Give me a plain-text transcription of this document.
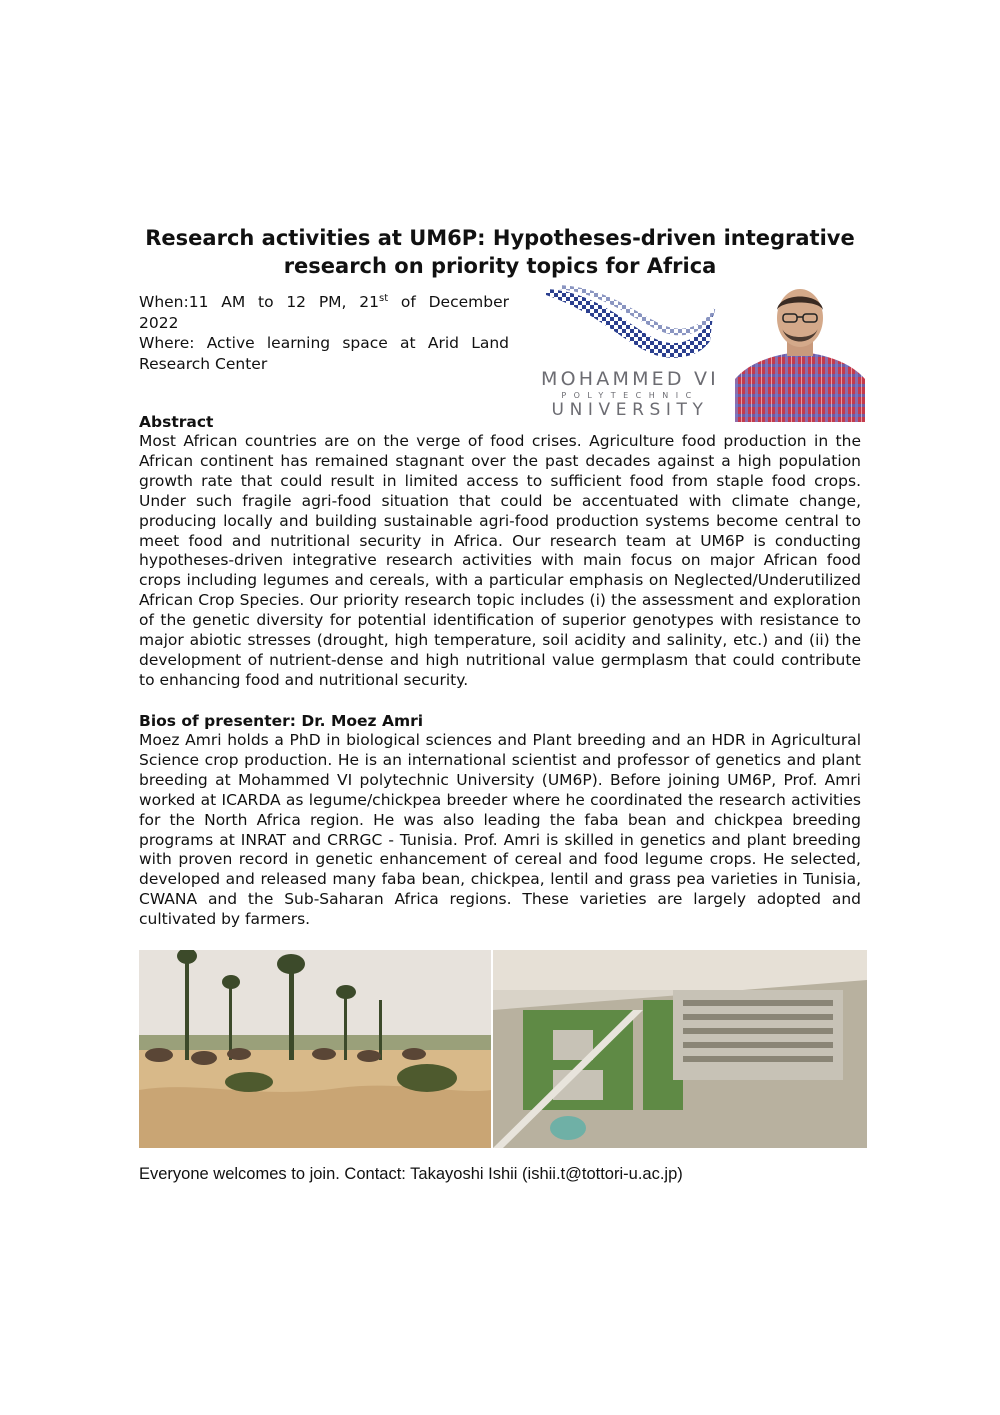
Research activities at UM6P: Hypotheses-driven integrative
research on priority topics for Africa
When:11 AM to 12 PM, 21st of December
2022
Where: Active learning space at Arid Land
Research Center
MOHAMMED VI
POLYTECHNIC
UNIVERSITY
Abstract
Most African countries are on the verge of food crises. Agriculture food production in the African continent has remained stagnant over the past decades against a high population growth rate that could result in limited access to sufficient food from staple food crops. Under such fragile agri-food situation that could be accentuated with climate change, producing locally and building sustainable agri-food production systems become central to meet food and nutritional security in Africa. Our research team at UM6P is conducting hypotheses-driven integrative research activities with main focus on major African food crops including legumes and cereals, with a particular emphasis on Neglected/Underutilized African Crop Species. Our priority research topic includes (i) the assessment and exploration of the genetic diversity for potential identification of superior genotypes with resistance to major abiotic stresses (drought, high temperature, soil acidity and salinity, etc.) and (ii) the development of nutrient-dense and high nutritional value germplasm that could contribute to enhancing food and nutritional security.
Bios of presenter: Dr. Moez Amri
Moez Amri holds a PhD in biological sciences and Plant breeding and an HDR in Agricultural Science crop production. He is an international scientist and professor of genetics and plant breeding at Mohammed VI polytechnic University (UM6P). Before joining UM6P, Prof. Amri worked at ICARDA as legume/chickpea breeder where he coordinated the research activities for the North Africa region. He was also leading the faba bean and chickpea breeding programs at INRAT and CRRGC - Tunisia. Prof. Amri is skilled in genetics and plant breeding with proven record in genetic enhancement of cereal and food legume crops. He selected, developed and released many faba bean, chickpea, lentil and grass pea varieties in Tunisia, CWANA and the Sub-Saharan Africa regions. These varieties are largely adopted and cultivated by farmers.
Everyone welcomes to join. Contact: Takayoshi Ishii (ishii.t@tottori-u.ac.jp)
